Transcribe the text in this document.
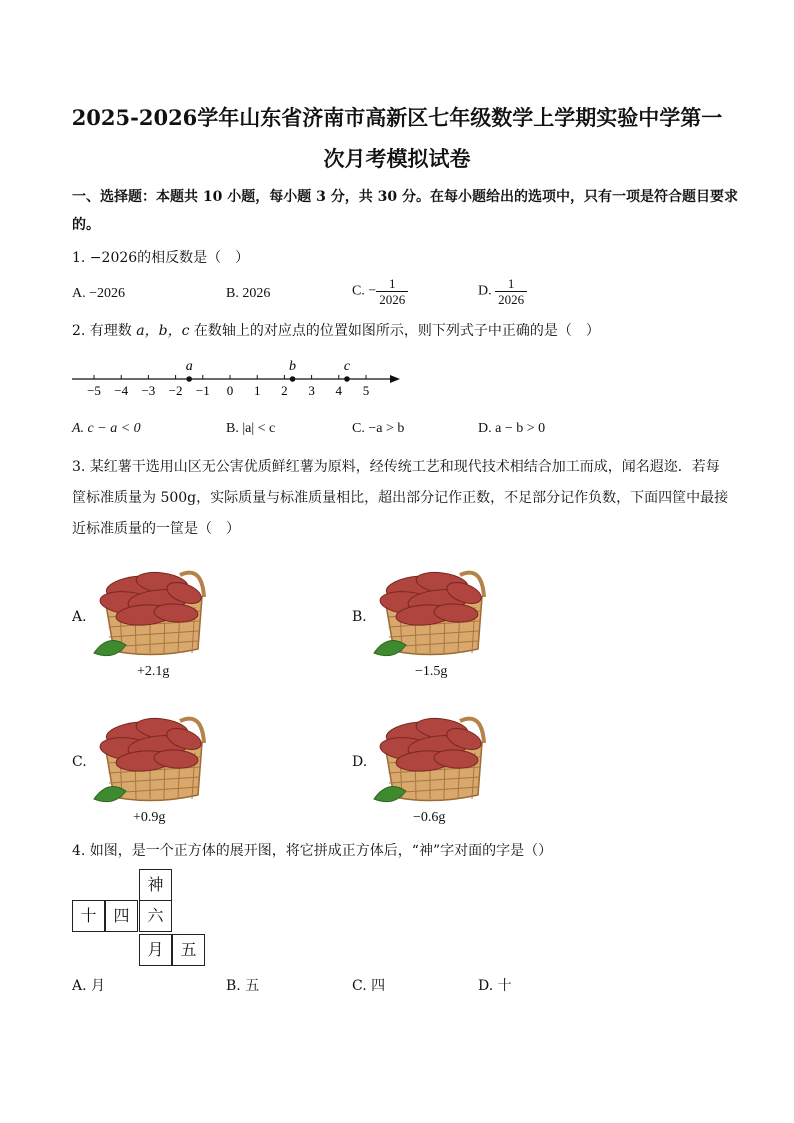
2025-2026学年山东省济南市高新区七年级数学上学期实验中学第一
次月考模拟试卷
一、选择题：本题共 10 小题，每小题 3 分，共 30 分。在每小题给出的选项中，只有一项是符合题目要求
的。
1. −2026的相反数是（　）
A. −2026	B. 2026	C. − $\frac{1}{2026}$	D. $\frac{1}{2026}$
2. 有理数 a，b，c 在数轴上的对应点的位置如图所示，则下列式子中正确的是（　）
−5 −4 −3 −2 −1 0 1 2 3 4 5
a	b	c
A. c − a < 0	B. |a| < c	C. −a > b	D. a − b > 0
3. 某红薯干选用山区无公害优质鲜红薯为原料，经传统工艺和现代技术相结合加工而成，闻名遐迩．若每
筐标准质量为 500g，实际质量与标准质量相比，超出部分记作正数，不足部分记作负数，下面四筐中最接
近标准质量的一筐是（　）
A.
+2.1g
B.
−1.5g
C.
+0.9g
D.
−0.6g
4. 如图，是一个正方体的展开图，将它拼成正方体后，“神”字对面的字是（）
神
十	四	六
月	五
A. 月	B. 五	C. 四	D. 十
